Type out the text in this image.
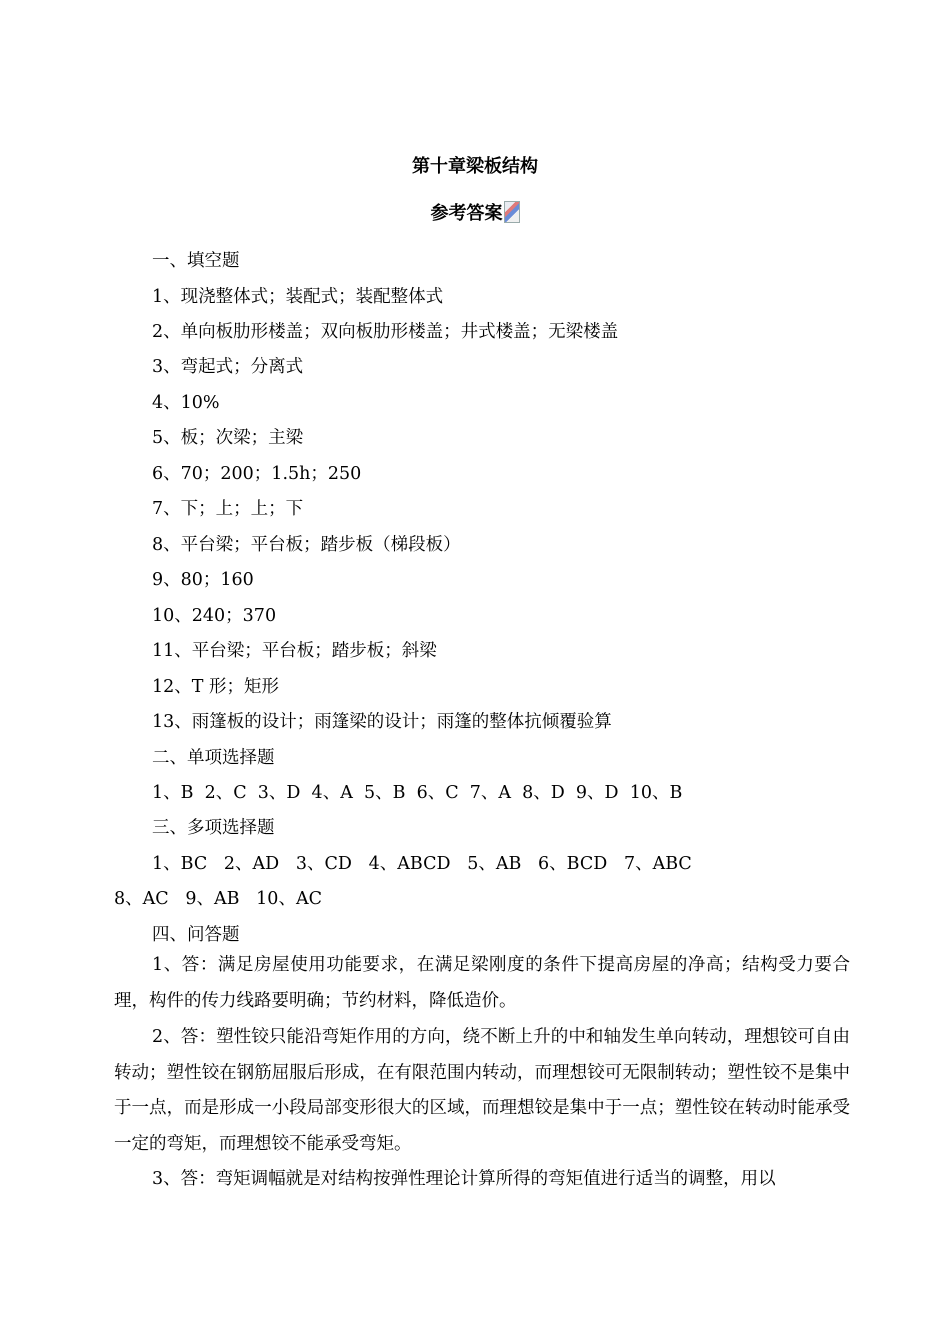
第十章梁板结构
参考答案
一、填空题
1、现浇整体式；装配式；装配整体式
2、单向板肋形楼盖；双向板肋形楼盖；井式楼盖；无梁楼盖
3、弯起式；分离式
4、10%
5、板；次梁；主梁
6、70；200；1.5h；250
7、下；上；上；下
8、平台梁；平台板；踏步板（梯段板）
9、80；160
10、240；370
11、平台梁；平台板；踏步板；斜梁
12、T 形；矩形
13、雨篷板的设计；雨篷梁的设计；雨篷的整体抗倾覆验算
二、单项选择题
1、B  2、C  3、D  4、A  5、B  6、C  7、A  8、D  9、D  10、B
三、多项选择题
1、BC   2、AD   3、CD   4、ABCD   5、AB   6、BCD   7、ABC
8、AC   9、AB   10、AC
四、问答题
1、答：满足房屋使用功能要求，在满足梁刚度的条件下提高房屋的净高；结构受力要合理，构件的传力线路要明确；节约材料，降低造价。
2、答：塑性铰只能沿弯矩作用的方向，绕不断上升的中和轴发生单向转动，理想铰可自由转动；塑性铰在钢筋屈服后形成，在有限范围内转动，而理想铰可无限制转动；塑性铰不是集中于一点，而是形成一小段局部变形很大的区域，而理想铰是集中于一点；塑性铰在转动时能承受一定的弯矩，而理想铰不能承受弯矩。
3、答：弯矩调幅就是对结构按弹性理论计算所得的弯矩值进行适当的调整，用以
